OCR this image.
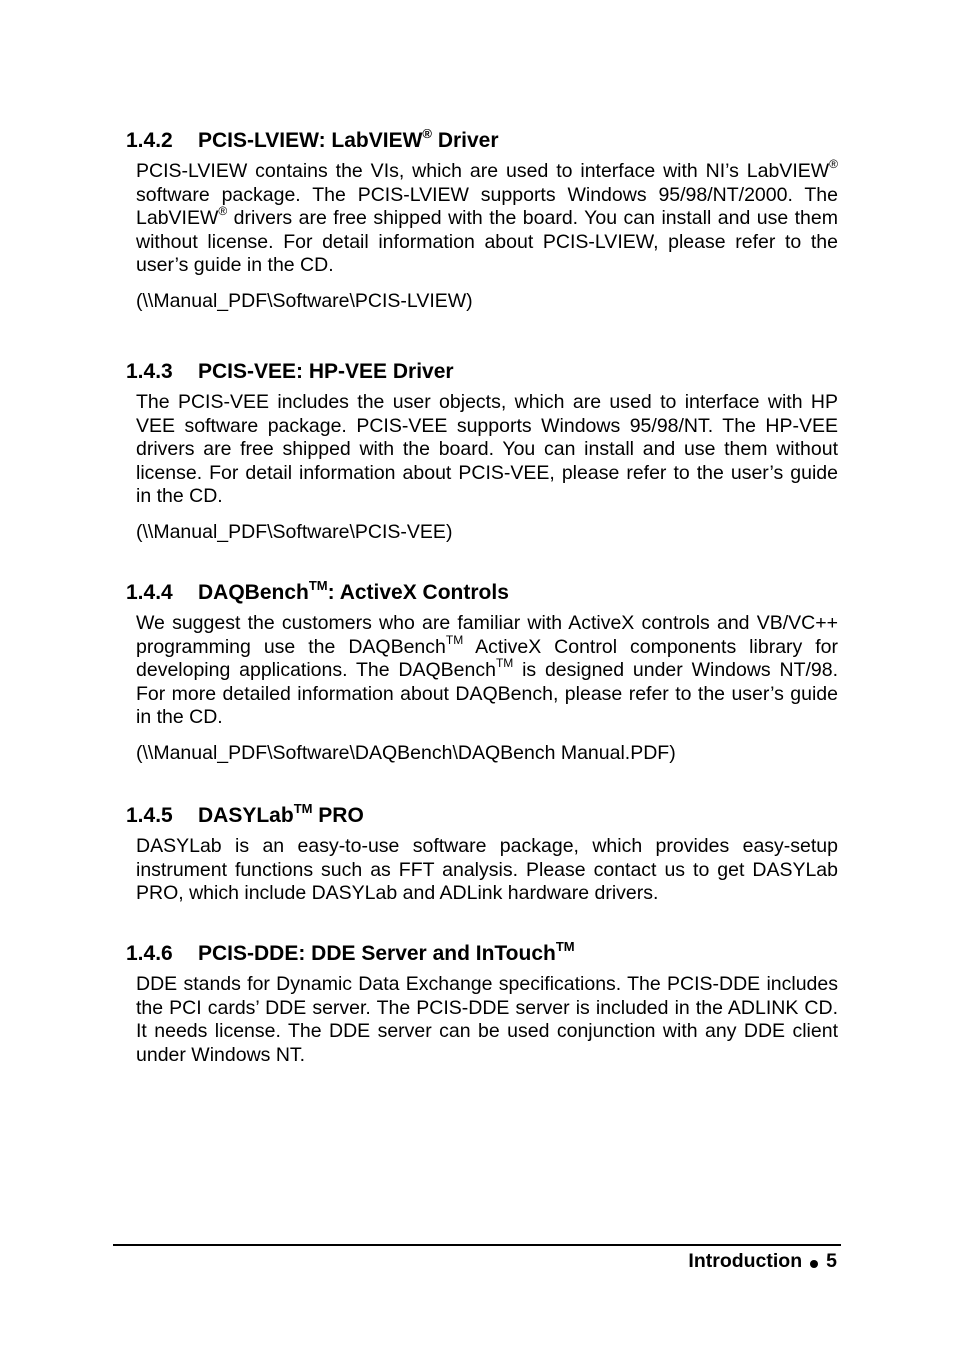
1.4.2	PCIS-LVIEW: LabVIEW® Driver

PCIS-LVIEW contains the VIs, which are used to interface with NI’s LabVIEW® software package. The PCIS-LVIEW supports Windows 95/98/NT/2000. The LabVIEW® drivers are free shipped with the board. You can install and use them without license. For detail information about PCIS-LVIEW, please refer to the user’s guide in the CD.

(\\Manual_PDF\Software\PCIS-LVIEW)

1.4.3	PCIS-VEE: HP-VEE Driver

The PCIS-VEE includes the user objects, which are used to interface with HP VEE software package. PCIS-VEE supports Windows 95/98/NT. The HP-VEE drivers are free shipped with the board. You can install and use them without license. For detail information about PCIS-VEE, please refer to the user’s guide in the CD.

(\\Manual_PDF\Software\PCIS-VEE)

1.4.4	DAQBench™: ActiveX Controls

We suggest the customers who are familiar with ActiveX controls and VB/VC++ programming use the DAQBench™ ActiveX Control components library for developing applications. The DAQBench™ is designed under Windows NT/98. For more detailed information about DAQBench, please refer to the user’s guide in the CD.

(\\Manual_PDF\Software\DAQBench\DAQBench Manual.PDF)

1.4.5	DASYLab™ PRO

DASYLab is an easy-to-use software package, which provides easy-setup instrument functions such as FFT analysis. Please contact us to get DASYLab PRO, which include DASYLab and ADLink hardware drivers.

1.4.6	PCIS-DDE: DDE Server and InTouch™

DDE stands for Dynamic Data Exchange specifications. The PCIS-DDE includes the PCI cards’ DDE server. The PCIS-DDE server is included in the ADLINK CD. It needs license. The DDE server can be used conjunction with any DDE client under Windows NT.

Introduction 5
